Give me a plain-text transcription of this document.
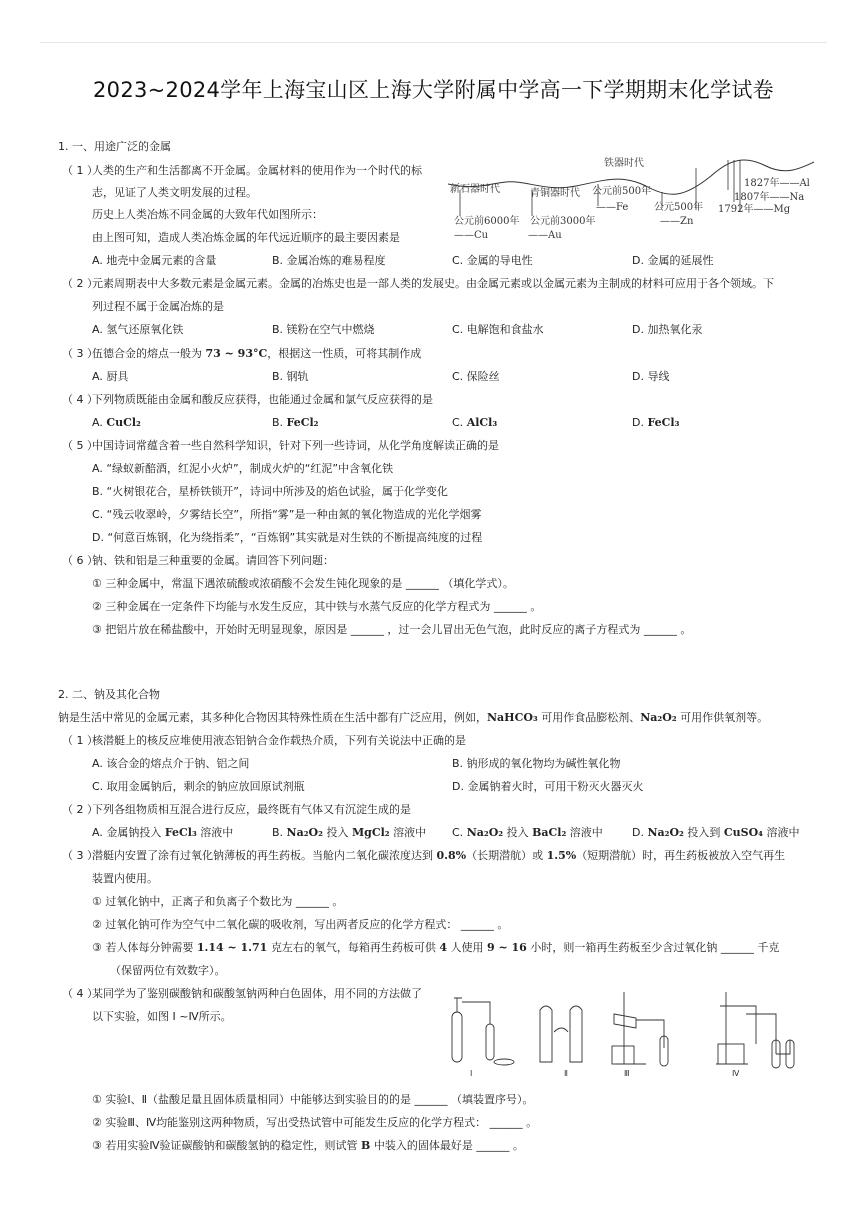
2023~2024学年上海宝山区上海大学附属中学高一下学期期末化学试卷
1. 一、用途广泛的金属
（ 1 ）
人类的生产和生活都离不开金属。金属材料的使用作为一个时代的标
志，见证了人类文明发展的过程。
历史上人类冶炼不同金属的大致年代如图所示：
由上图可知，造成人类冶炼金属的年代远近顺序的最主要因素是
铁器时代
青铜器时代
新石器时代
公元前6000年
——Cu
公元前3000年
——Au
公元前500年
——Fe	公元500年
——Zn
1827年——Al
1807年——Na
1792年——Mg
A. 地壳中金属元素的含量	B. 金属冶炼的难易程度	C. 金属的导电性	D. 金属的延展性
（ 2 ）
元素周期表中大多数元素是金属元素。金属的冶炼史也是一部人类的发展史。由金属元素或以金属元素为主制成的材料可应用于各个领域。下
列过程不属于金属冶炼的是
A. 氢气还原氧化铁	B. 镁粉在空气中燃烧	C. 电解饱和食盐水	D. 加热氧化汞
（ 3 ）
伍德合金的熔点一般为 73 ~ 93°C，根据这一性质，可将其制作成
A. 厨具	B. 钢轨	C. 保险丝	D. 导线
（ 4 ）
下列物质既能由金属和酸反应获得，也能通过金属和氯气反应获得的是
A. CuCl₂	B. FeCl₂	C. AlCl₃	D. FeCl₃
（ 5 ）
中国诗词常蕴含着一些自然科学知识，针对下列一些诗词，从化学角度解读正确的是
A. “绿蚁新醅酒，红泥小火炉”，制成火炉的“红泥”中含氧化铁
B. “火树银花合，星桥铁锁开”，诗词中所涉及的焰色试验，属于化学变化
C. “残云收翠岭，夕雾结长空”，所指“雾”是一种由氮的氧化物造成的光化学烟雾
D. “何意百炼钢，化为绕指柔”，“百炼钢”其实就是对生铁的不断提高纯度的过程
（ 6 ）
钠、铁和铝是三种重要的金属。请回答下列问题：
① 三种金属中，常温下遇浓硫酸或浓硝酸不会发生钝化现象的是 ______ （填化学式）。
② 三种金属在一定条件下均能与水发生反应，其中铁与水蒸气反应的化学方程式为 ______ 。
③ 把铝片放在稀盐酸中，开始时无明显现象，原因是 ______ ，过一会儿冒出无色气泡，此时反应的离子方程式为 ______ 。
2. 二、钠及其化合物
钠是生活中常见的金属元素，其多种化合物因其特殊性质在生活中都有广泛应用，例如，NaHCO₃ 可用作食品膨松剂、Na₂O₂ 可用作供氧剂等。
（ 1 ）
核潜艇上的核反应堆使用液态铝钠合金作载热介质，下列有关说法中正确的是
A. 该合金的熔点介于钠、铝之间	B. 钠形成的氧化物均为碱性氧化物
C. 取用金属钠后，剩余的钠应放回原试剂瓶	D. 金属钠着火时，可用干粉灭火器灭火
（ 2 ）
下列各组物质相互混合进行反应，最终既有气体又有沉淀生成的是
A. 金属钠投入 FeCl₃ 溶液中	B. Na₂O₂ 投入 MgCl₂ 溶液中 C. Na₂O₂ 投入 BaCl₂ 溶液中	D. Na₂O₂ 投入到 CuSO₄ 溶液中
（ 3 ）
潜艇内安置了涂有过氧化钠薄板的再生药板。当舱内二氧化碳浓度达到 0.8%（长期潜航）或 1.5%（短期潜航）时，再生药板被放入空气再生
装置内使用。
① 过氧化钠中，正离子和负离子个数比为 ______ 。
② 过氧化钠可作为空气中二氧化碳的吸收剂，写出两者反应的化学方程式： ______ 。
③ 若人体每分钟需要 1.14 ~ 1.71 克左右的氧气，每箱再生药板可供 4 人使用 9 ~ 16 小时，则一箱再生药板至少含过氧化钠 ______ 千克
（保留两位有效数字）。
（ 4 ）
某同学为了鉴别碳酸钠和碳酸氢钠两种白色固体，用不同的方法做了
以下实验，如图 Ⅰ ~Ⅳ所示。
Ⅰ	Ⅱ	Ⅲ	Ⅳ
① 实验Ⅰ、Ⅱ（盐酸足量且固体质量相同）中能够达到实验目的的是 ______ （填装置序号）。
② 实验Ⅲ、Ⅳ均能鉴别这两种物质，写出受热试管中可能发生反应的化学方程式： ______ 。
③ 若用实验Ⅳ验证碳酸钠和碳酸氢钠的稳定性，则试管 B 中装入的固体最好是 ______ 。
